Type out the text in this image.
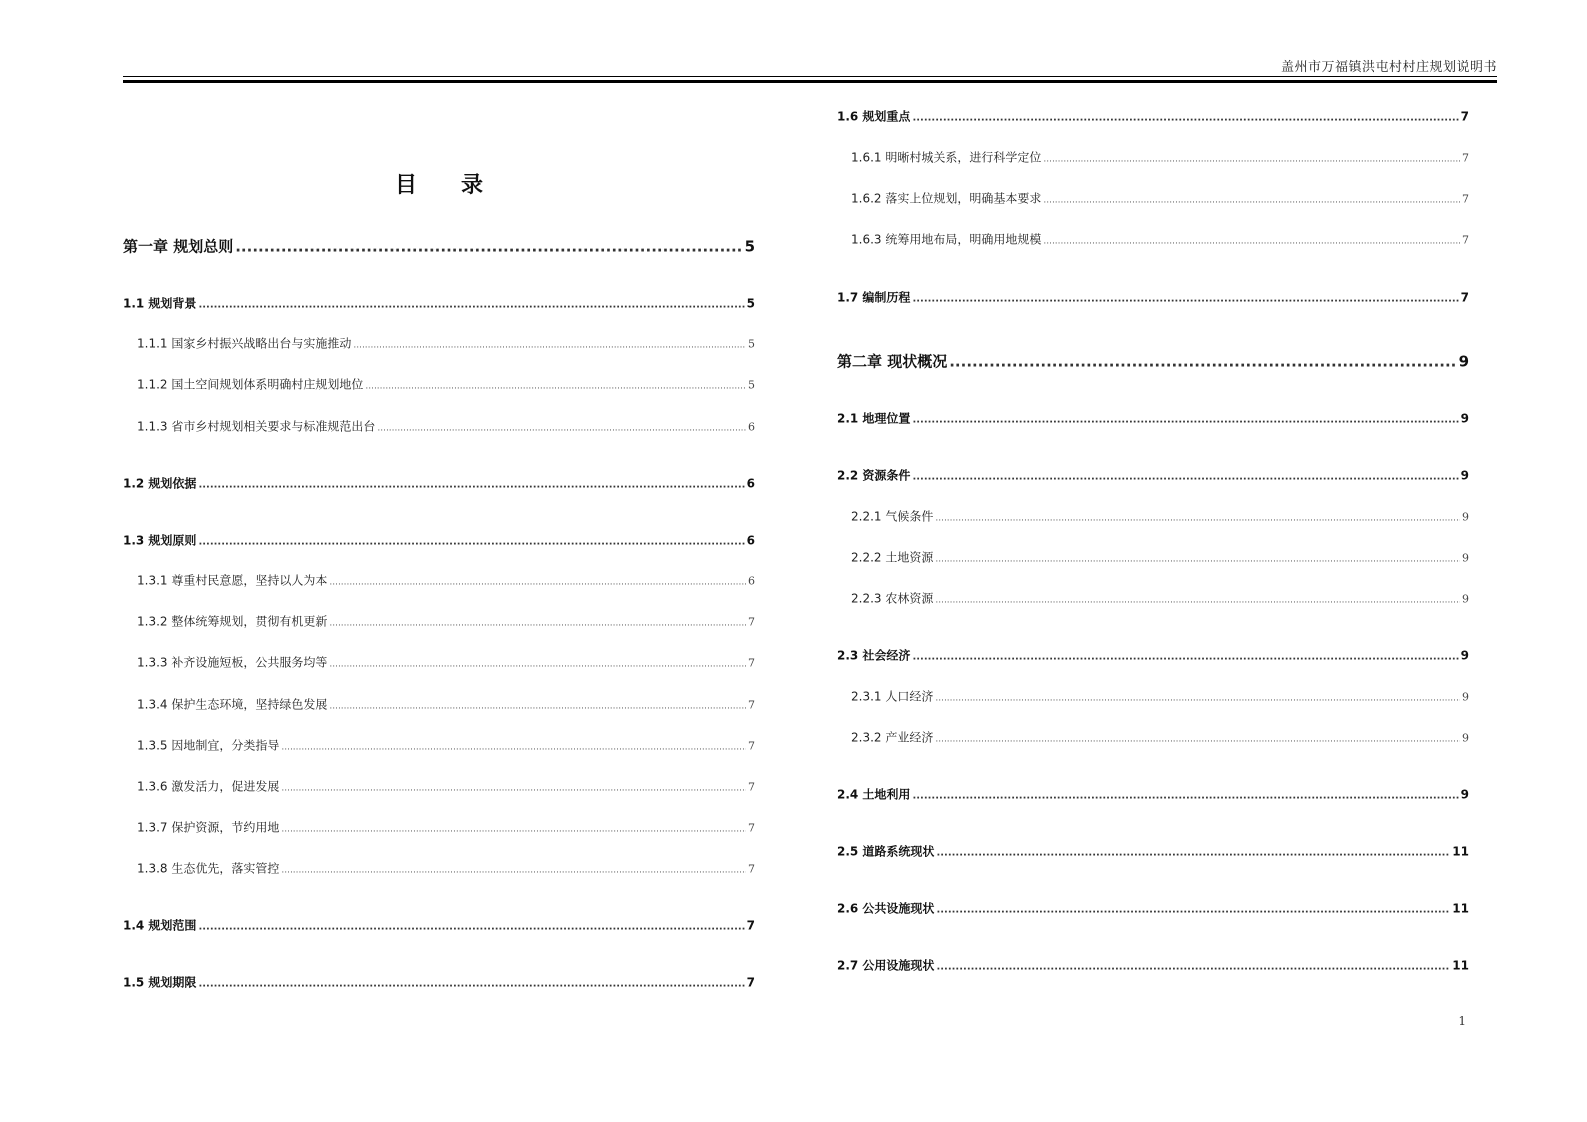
盖州市万福镇洪屯村村庄规划说明书
目录
第一章 规划总则 .....	5
1.1 规划背景 .....	5
1.1.1 国家乡村振兴战略出台与实施推动 .....	5
1.1.2 国土空间规划体系明确村庄规划地位 .....	5
1.1.3 省市乡村规划相关要求与标准规范出台 .....	6
1.2 规划依据 .....	6
1.3 规划原则 .....	6
1.3.1 尊重村民意愿，坚持以人为本 .....	6
1.3.2 整体统筹规划，贯彻有机更新 .....	7
1.3.3 补齐设施短板，公共服务均等 .....	7
1.3.4 保护生态环境，坚持绿色发展 .....	7
1.3.5 因地制宜，分类指导 .....	7
1.3.6 激发活力，促进发展 .....	7
1.3.7 保护资源，节约用地 .....	7
1.3.8 生态优先，落实管控 .....	7
1.4 规划范围 .....	7
1.5 规划期限 .....	7
1.6 规划重点 .....	7
1.6.1 明晰村城关系，进行科学定位 .....	7
1.6.2 落实上位规划，明确基本要求 .....	7
1.6.3 统筹用地布局，明确用地规模 .....	7
1.7 编制历程 .....	7
第二章 现状概况 .....	9
2.1 地理位置 .....	9
2.2 资源条件 .....	9
2.2.1 气候条件 .....	9
2.2.2 土地资源 .....	9
2.2.3 农林资源 .....	9
2.3 社会经济 .....	9
2.3.1 人口经济 .....	9
2.3.2 产业经济 .....	9
2.4 土地利用 .....	9
2.5 道路系统现状 .....	11
2.6 公共设施现状 .....	11
2.7 公用设施现状 .....	11
1
